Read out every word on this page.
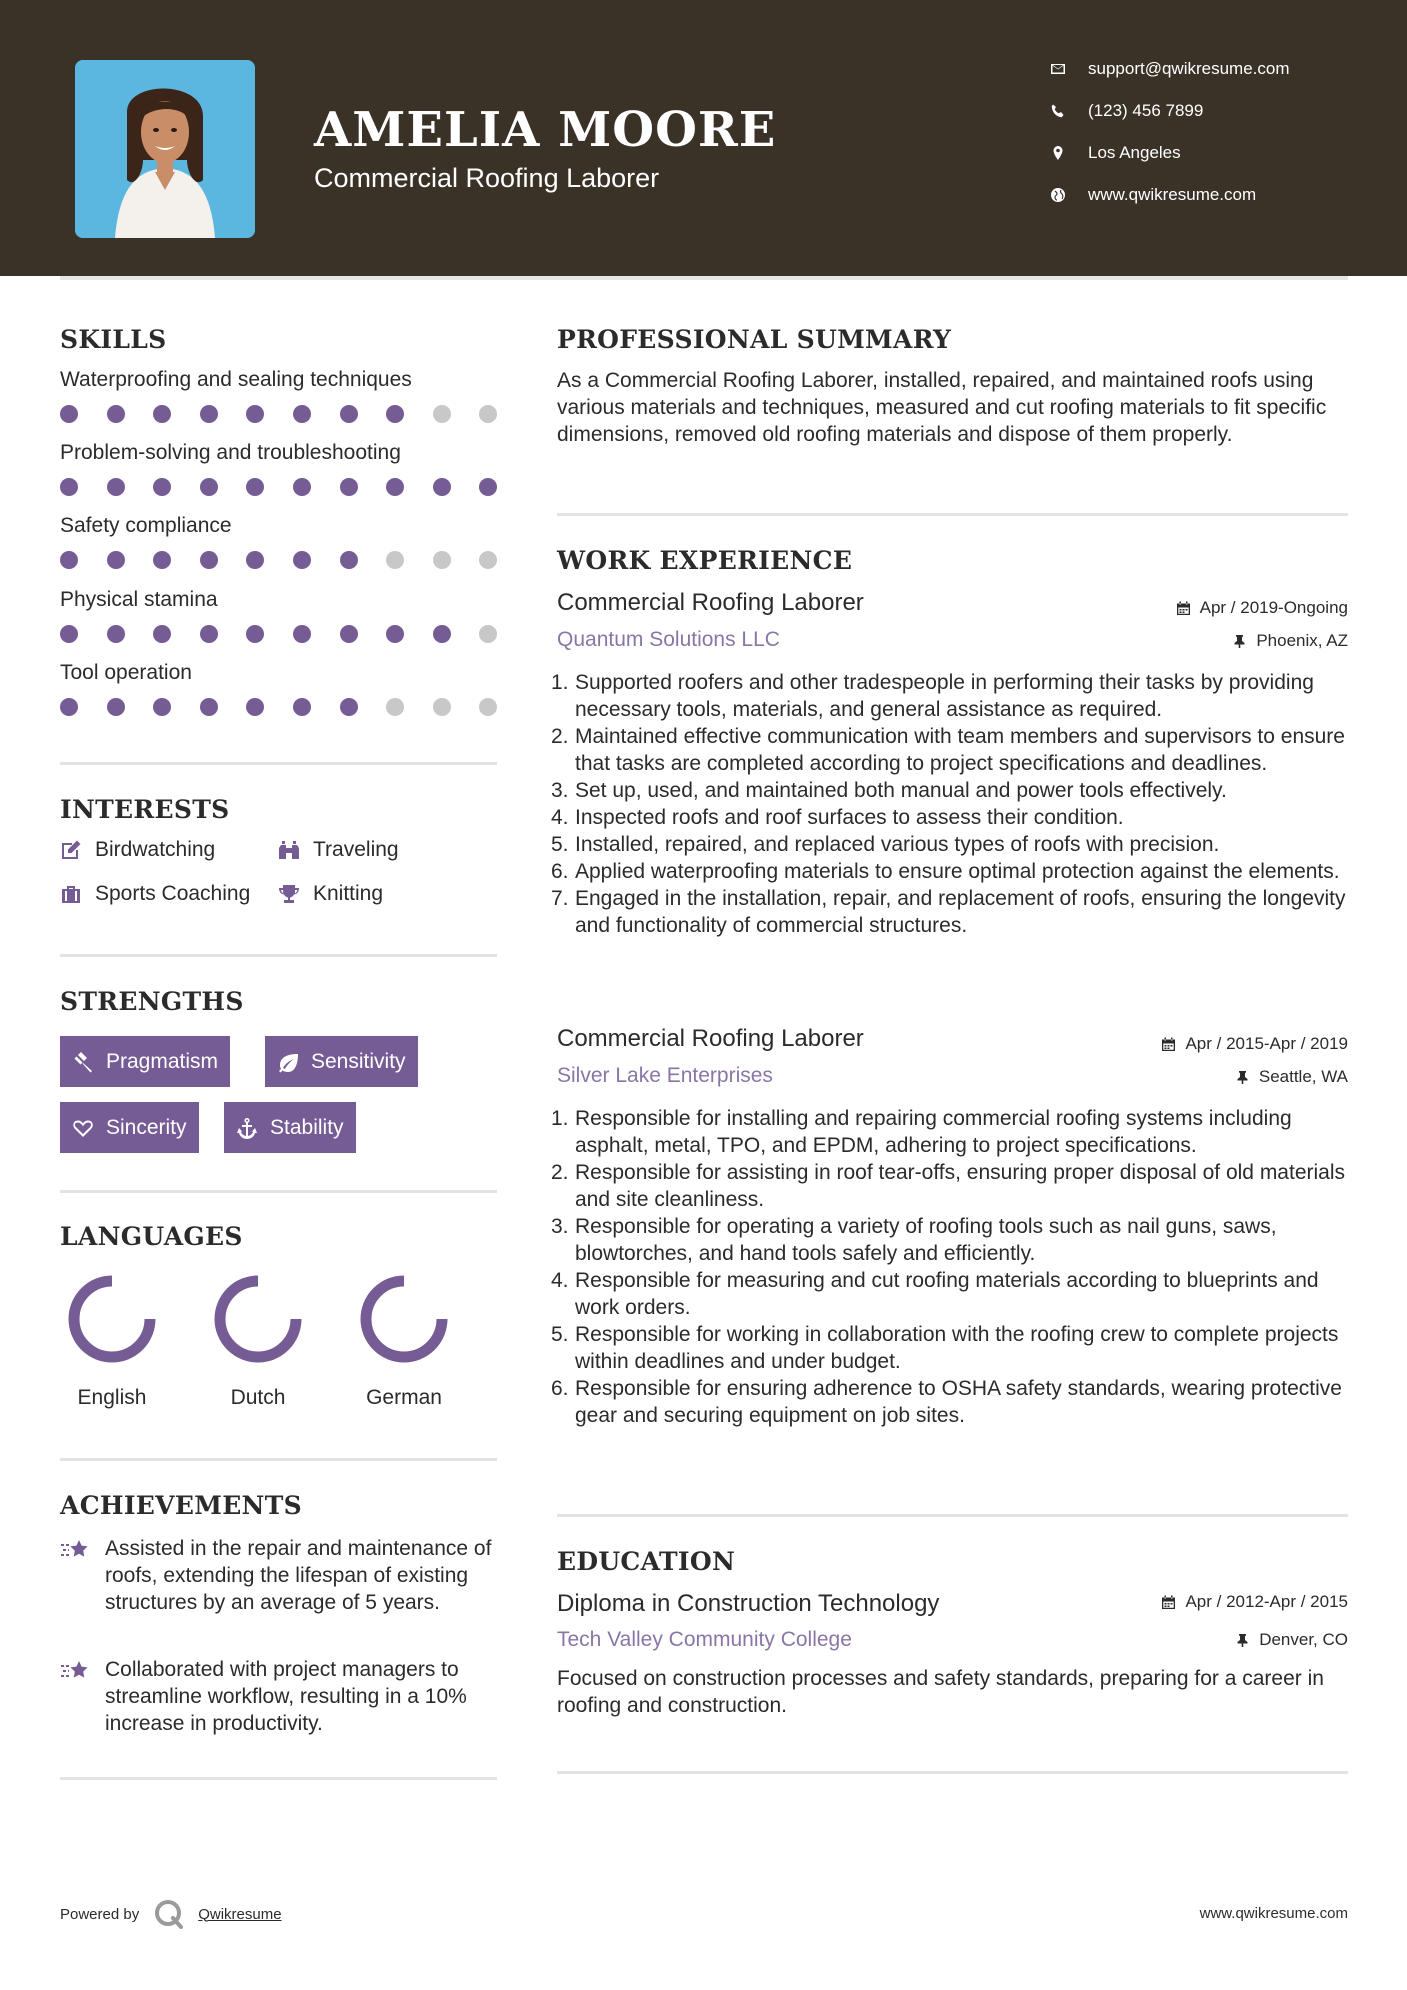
AMELIA MOORE
Commercial Roofing Laborer
support@qwikresume.com
(123) 456 7899
Los Angeles
www.qwikresume.com
SKILLS
Waterproofing and sealing techniques
Problem-solving and troubleshooting
Safety compliance
Physical stamina
Tool operation
INTERESTS
Birdwatching	Traveling
Sports Coaching	Knitting
STRENGTHS
Pragmatism	Sensitivity
Sincerity	Stability
LANGUAGES
English	Dutch	German
ACHIEVEMENTS

Assisted in the repair and maintenance of roofs, extending the lifespan of existing structures by an average of 5 years.

Collaborated with project managers to streamline workflow, resulting in a 10% increase in productivity.

PROFESSIONAL SUMMARY
As a Commercial Roofing Laborer, installed, repaired, and maintained roofs using various materials and techniques, measured and cut roofing materials to fit specific dimensions, removed old roofing materials and dispose of them properly.
WORK EXPERIENCE
Commercial Roofing Laborer	Apr / 2019-Ongoing
Quantum Solutions LLC	Phoenix, AZ
1. Supported roofers and other tradespeople in performing their tasks by providing necessary tools, materials, and general assistance as required.
2. Maintained effective communication with team members and supervisors to ensure that tasks are completed according to project specifications and deadlines.
3. Set up, used, and maintained both manual and power tools effectively.
4. Inspected roofs and roof surfaces to assess their condition.
5. Installed, repaired, and replaced various types of roofs with precision.
6. Applied waterproofing materials to ensure optimal protection against the elements.
7. Engaged in the installation, repair, and replacement of roofs, ensuring the longevity and functionality of commercial structures.
Commercial Roofing Laborer	Apr / 2015-Apr / 2019
Silver Lake Enterprises	Seattle, WA
1. Responsible for installing and repairing commercial roofing systems including asphalt, metal, TPO, and EPDM, adhering to project specifications.
2. Responsible for assisting in roof tear-offs, ensuring proper disposal of old materials and site cleanliness.
3. Responsible for operating a variety of roofing tools such as nail guns, saws, blowtorches, and hand tools safely and efficiently.
4. Responsible for measuring and cut roofing materials according to blueprints and work orders.
5. Responsible for working in collaboration with the roofing crew to complete projects within deadlines and under budget.
6. Responsible for ensuring adherence to OSHA safety standards, wearing protective gear and securing equipment on job sites.
EDUCATION
Diploma in Construction Technology	Apr / 2012-Apr / 2015
Tech Valley Community College	Denver, CO
Focused on construction processes and safety standards, preparing for a career in roofing and construction.
Powered by	Qwikresume	www.qwikresume.com
